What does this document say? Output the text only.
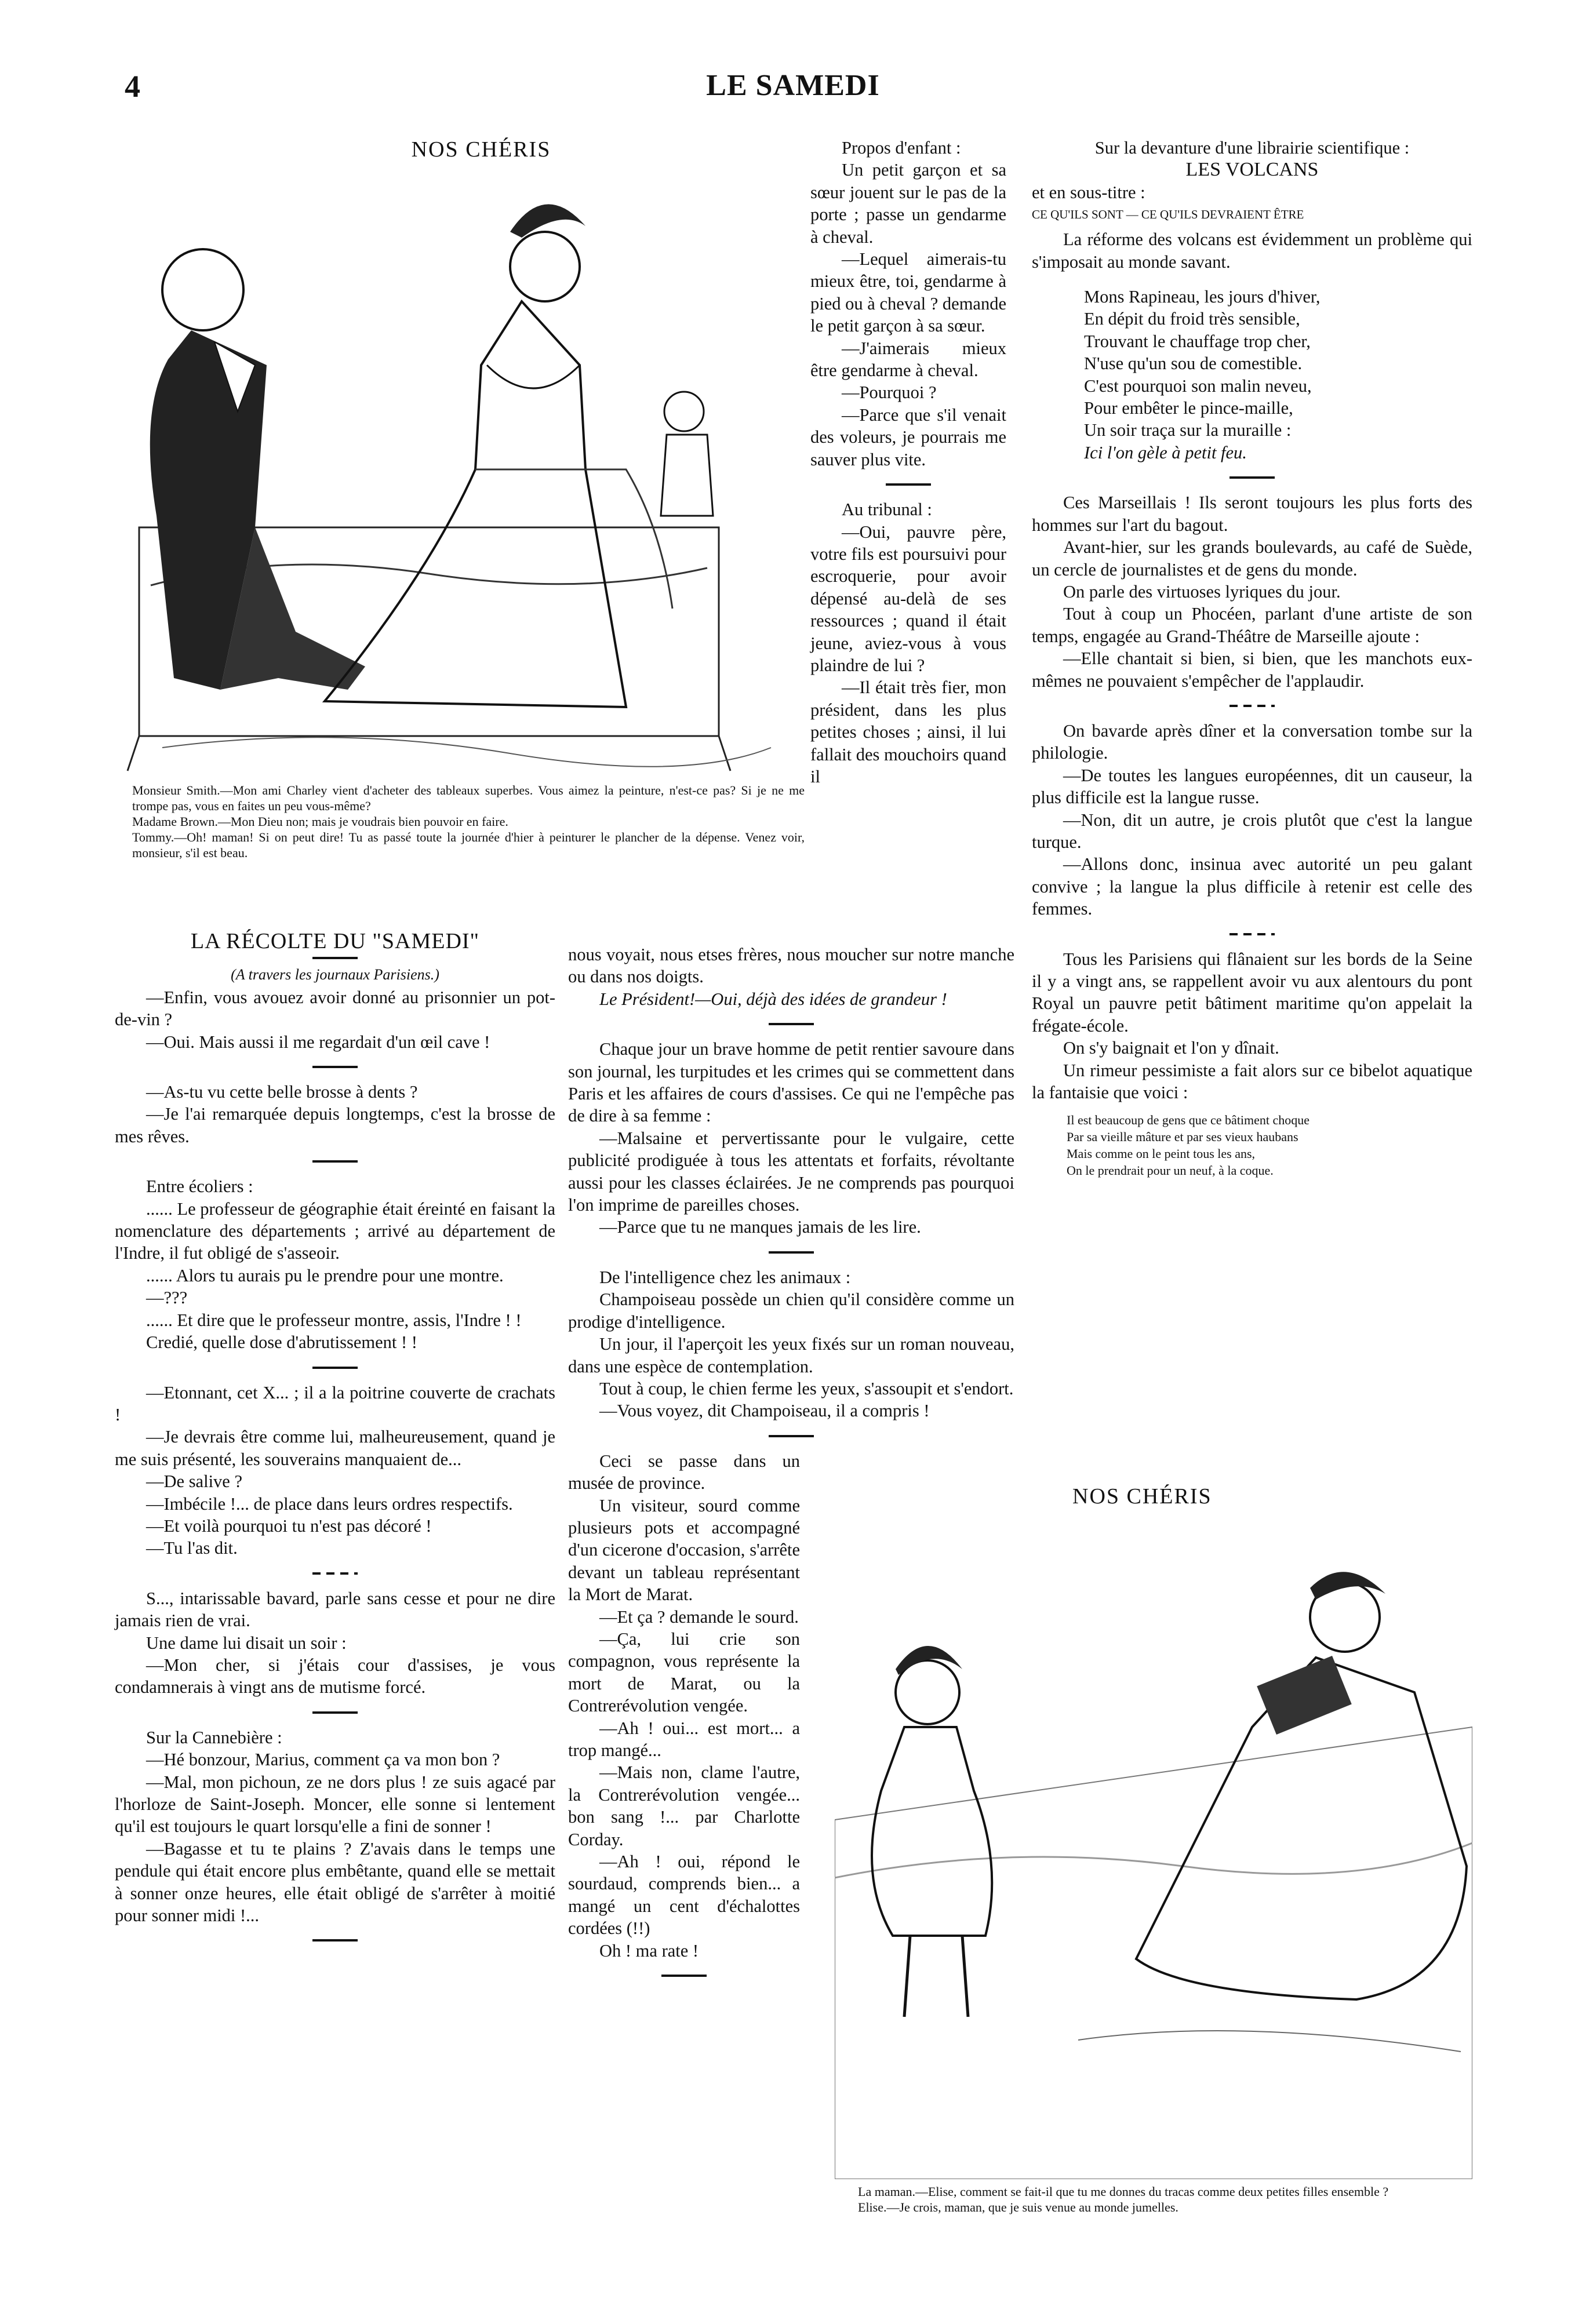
4	LE SAMEDI
NOS CHÉRIS

Monsieur Smith.—Mon ami Charley vient d'acheter des tableaux superbes. Vous aimez la peinture, n'est-ce pas? Si je ne me trompe pas, vous en faites un peu vous-même?

Madame Brown.—Mon Dieu non; mais je voudrais bien pouvoir en faire.

Tommy.—Oh! maman! Si on peut dire! Tu as passé toute la journée d'hier à peinturer le plancher de la dépense. Venez voir, monsieur, s'il est beau.

Propos d'enfant :

Un petit garçon et sa sœur jouent sur le pas de la porte ; passe un gendarme à cheval.

—Lequel aimerais-tu mieux être, toi, gendarme à pied ou à cheval ? demande le petit garçon à sa sœur.

—J'aimerais mieux être gendarme à cheval.

—Pourquoi ?

—Parce que s'il venait des voleurs, je pourrais me sauver plus vite.

Au tribunal :

—Oui, pauvre père, votre fils est poursuivi pour escroquerie, pour avoir dépensé au-delà de ses ressources ; quand il était jeune, aviez-vous à vous plaindre de lui ?

—Il était très fier, mon président, dans les plus petites choses ; ainsi, il lui fallait des mouchoirs quand il

Sur la devanture d'une librairie scientifique :

LES VOLCANS

et en sous-titre :

CE QU'ILS SONT — CE QU'ILS DEVRAIENT ÊTRE

La réforme des volcans est évidemment un problème qui s'imposait au monde savant.

Mons Rapineau, les jours d'hiver,

En dépit du froid très sensible,

Trouvant le chauffage trop cher,

N'use qu'un sou de comestible.

C'est pourquoi son malin neveu,

Pour embêter le pince-maille,

Un soir traça sur la muraille :

Ici l'on gèle à petit feu.

Ces Marseillais ! Ils seront toujours les plus forts des hommes sur l'art du bagout.

Avant-hier, sur les grands boulevards, au café de Suède, un cercle de journalistes et de gens du monde.

On parle des virtuoses lyriques du jour.

Tout à coup un Phocéen, parlant d'une artiste de son temps, engagée au Grand-Théâtre de Marseille ajoute :

—Elle chantait si bien, si bien, que les manchots eux-mêmes ne pouvaient s'empêcher de l'applaudir.

On bavarde après dîner et la conversation tombe sur la philologie.

—De toutes les langues européennes, dit un causeur, la plus difficile est la langue russe.

—Non, dit un autre, je crois plutôt que c'est la langue turque.

—Allons donc, insinua avec autorité un peu galant convive ; la langue la plus difficile à retenir est celle des femmes.

Tous les Parisiens qui flânaient sur les bords de la Seine il y a vingt ans, se rappellent avoir vu aux alentours du pont Royal un pauvre petit bâtiment maritime qu'on appelait la frégate-école.

On s'y baignait et l'on y dînait.

Un rimeur pessimiste a fait alors sur ce bibelot aquatique la fantaisie que voici :

Il est beaucoup de gens que ce bâtiment choque

Par sa vieille mâture et par ses vieux haubans

Mais comme on le peint tous les ans,

On le prendrait pour un neuf, à la coque.

LA RÉCOLTE DU "SAMEDI"

(A travers les journaux Parisiens.)

—Enfin, vous avouez avoir donné au prisonnier un pot-de-vin ?

—Oui. Mais aussi il me regardait d'un œil cave !

—As-tu vu cette belle brosse à dents ?

—Je l'ai remarquée depuis longtemps, c'est la brosse de mes rêves.

Entre écoliers :

...... Le professeur de géographie était éreinté en faisant la nomenclature des départements ; arrivé au département de l'Indre, il fut obligé de s'asseoir.

...... Alors tu aurais pu le prendre pour une montre.

—???

...... Et dire que le professeur montre, assis, l'Indre ! !

Credié, quelle dose d'abrutissement ! !

—Etonnant, cet X... ; il a la poitrine couverte de crachats !

—Je devrais être comme lui, malheureusement, quand je me suis présenté, les souverains manquaient de...

—De salive ?

—Imbécile !... de place dans leurs ordres respectifs.

—Et voilà pourquoi tu n'est pas décoré !

—Tu l'as dit.

S..., intarissable bavard, parle sans cesse et pour ne dire jamais rien de vrai.

Une dame lui disait un soir :

—Mon cher, si j'étais cour d'assises, je vous condamnerais à vingt ans de mutisme forcé.

Sur la Cannebière :

—Hé bonzour, Marius, comment ça va mon bon ?

—Mal, mon pichoun, ze ne dors plus ! ze suis agacé par l'horloze de Saint-Joseph. Moncer, elle sonne si lentement qu'il est toujours le quart lorsqu'elle a fini de sonner !

—Bagasse et tu te plains ? Z'avais dans le temps une pendule qui était encore plus embêtante, quand elle se mettait à sonner onze heures, elle était obligé de s'arrêter à moitié pour sonner midi !...

nous voyait, nous etses frères, nous moucher sur notre manche ou dans nos doigts.

Le Président!—Oui, déjà des idées de grandeur !

Chaque jour un brave homme de petit rentier savoure dans son journal, les turpitudes et les crimes qui se commettent dans Paris et les affaires de cours d'assises. Ce qui ne l'empêche pas de dire à sa femme :

—Malsaine et pervertissante pour le vulgaire, cette publicité prodiguée à tous les attentats et forfaits, révoltante aussi pour les classes éclairées. Je ne comprends pas pourquoi l'on imprime de pareilles choses.

—Parce que tu ne manques jamais de les lire.

De l'intelligence chez les animaux :

Champoiseau possède un chien qu'il considère comme un prodige d'intelligence.

Un jour, il l'aperçoit les yeux fixés sur un roman nouveau, dans une espèce de contemplation.

Tout à coup, le chien ferme les yeux, s'assoupit et s'endort.

—Vous voyez, dit Champoiseau, il a compris !

Ceci se passe dans un musée de province.

Un visiteur, sourd comme plusieurs pots et accompagné d'un cicerone d'occasion, s'arrête devant un tableau représentant la Mort de Marat.

—Et ça ? demande le sourd.

—Ça, lui crie son compagnon, vous représente la mort de Marat, ou la Contrerévolution vengée.

—Ah ! oui... est mort... a trop mangé...

—Mais non, clame l'autre, la Contrerévolution vengée... bon sang !... par Charlotte Corday.

—Ah ! oui, répond le sourdaud, comprends bien... a mangé un cent d'échalottes cordées (!!)

Oh ! ma rate !

NOS CHÉRIS

La maman.—Elise, comment se fait-il que tu me donnes du tracas comme deux petites filles ensemble ?

Elise.—Je crois, maman, que je suis venue au monde jumelles.
